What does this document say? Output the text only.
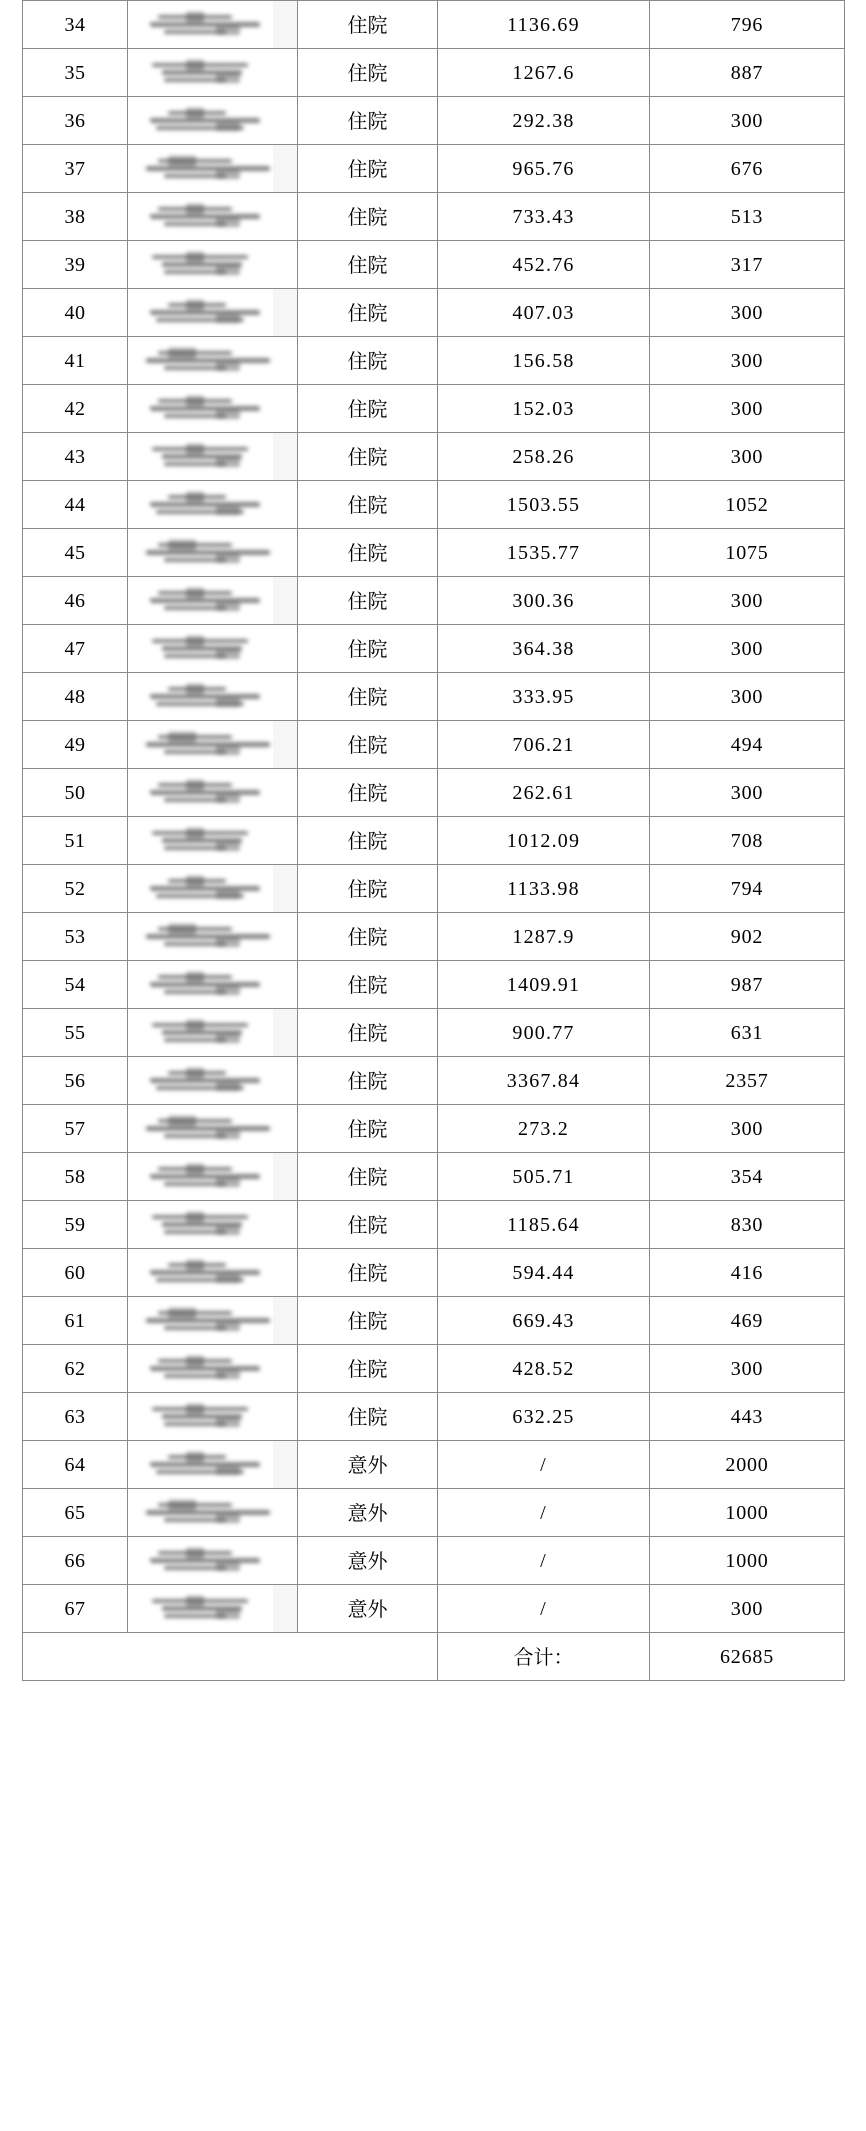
34		住院	1136.69	796
35		住院	1267.6	887
36		住院	292.38	300
37		住院	965.76	676
38		住院	733.43	513
39		住院	452.76	317
40		住院	407.03	300
41		住院	156.58	300
42		住院	152.03	300
43		住院	258.26	300
44		住院	1503.55	1052
45		住院	1535.77	1075
46		住院	300.36	300
47		住院	364.38	300
48		住院	333.95	300
49		住院	706.21	494
50		住院	262.61	300
51		住院	1012.09	708
52		住院	1133.98	794
53		住院	1287.9	902
54		住院	1409.91	987
55		住院	900.77	631
56		住院	3367.84	2357
57		住院	273.2	300
58		住院	505.71	354
59		住院	1185.64	830
60		住院	594.44	416
61		住院	669.43	469
62		住院	428.52	300
63		住院	632.25	443
64		意外	/	2000
65		意外	/	1000
66		意外	/	1000
67		意外	/	300
			合计：	62685
